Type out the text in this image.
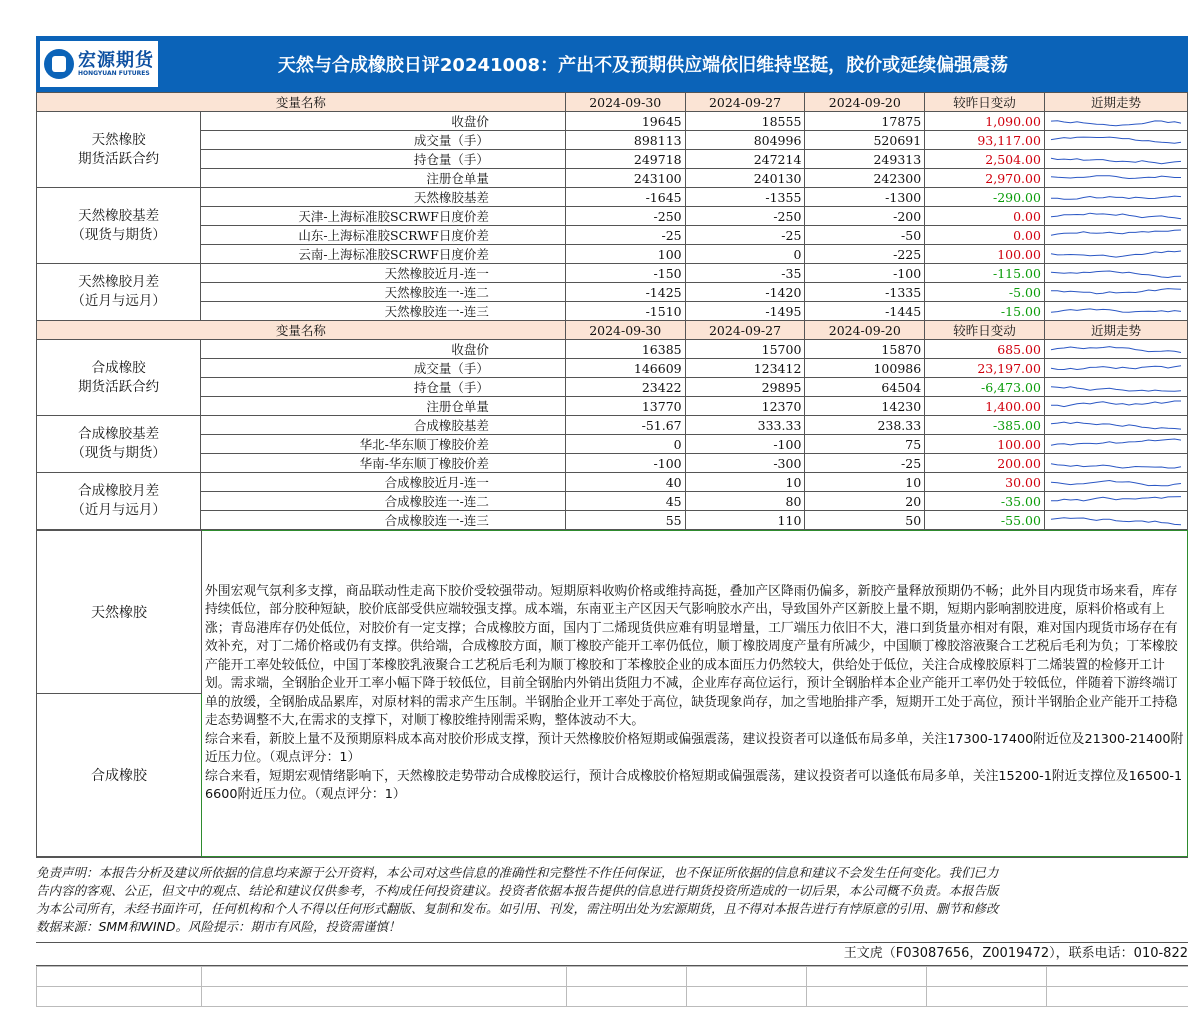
宏源期货
HONGYUAN FUTURES	天然与合成橡胶日评20241008：产出不及预期供应端依旧维持坚挺，胶价或延续偏强震荡
变量名称		2024-09-30	2024-09-27	2024-09-20	较昨日变动	近期走势

天然橡胶
期货活跃合约	收盘价	19645	18555	17875	1,090.00	

	成交量（手）	898113	804996	520691	93,117.00	

	持仓量（手）	249718	247214	249313	2,504.00	

	注册仓单量	243100	240130	242300	2,970.00	

天然橡胶基差
（现货与期货）	天然橡胶基差	-1645	-1355	-1300	-290.00	

	天津-上海标准胶SCRWF日度价差	-250	-250	-200	0.00	

	山东-上海标准胶SCRWF日度价差	-25	-25	-50	0.00	

	云南-上海标准胶SCRWF日度价差	100	0	-225	100.00	

天然橡胶月差
（近月与远月）	天然橡胶近月-连一	-150	-35	-100	-115.00	

	天然橡胶连一-连二	-1425	-1420	-1335	-5.00	

	天然橡胶连一-连三	-1510	-1495	-1445	-15.00	

变量名称		2024-09-30	2024-09-27	2024-09-20	较昨日变动	近期走势

合成橡胶
期货活跃合约	收盘价	16385	15700	15870	685.00	

	成交量（手）	146609	123412	100986	23,197.00	

	持仓量（手）	23422	29895	64504	-6,473.00	

	注册仓单量	13770	12370	14230	1,400.00	

合成橡胶基差
（现货与期货）	合成橡胶基差	-51.67	333.33	238.33	-385.00	

	华北-华东顺丁橡胶价差	0	-100	75	100.00	

	华南-华东顺丁橡胶价差	-100	-300	-25	200.00	

合成橡胶月差
（近月与远月）	合成橡胶近月-连一	40	10	10	30.00	

	合成橡胶连一-连二	45	80	20	-35.00	

	合成橡胶连一-连三	55	110	50	-55.00	
天然橡胶	

外围宏观气氛利多支撑，商品联动性走高下胶价受较强带动。短期原料收购价格或维持高挺，叠加产区降雨仍偏多，新胶产量释放预期仍不畅；此外目内现货市场来看，库存持续低位，部分胶种短缺，胶价底部受供应端较强支撑。成本端，东南亚主产区因天气影响胶水产出，导致国外产区新胶上量不期，短期内影响割胶进度，原料价格或有上涨；青岛港库存仍处低位，对胶价有一定支撑；合成橡胶方面，国内丁二烯现货供应难有明显增量，工厂端压力依旧不大，港口到货量亦相对有限，难对国内现货市场存在有效补充，对丁二烯价格或仍有支撑。供给端，合成橡胶方面，顺丁橡胶产能开工率仍低位，顺丁橡胶周度产量有所减少，中国顺丁橡胶溶液聚合工艺税后毛利为负；丁苯橡胶产能开工率处较低位，中国丁苯橡胶乳液聚合工艺税后毛利为顺丁橡胶和丁苯橡胶企业的成本面压力仍然较大，供给处于低位，关注合成橡胶原料丁二烯装置的检修开工计划。需求端，全钢胎企业开工率小幅下降于较低位，目前全钢胎内外销出货阻力不减，企业库存高位运行，预计全钢胎样本企业产能开工率仍处于较低位，伴随着下游终端订单的放缓，全钢胎成品累库，对原材料的需求产生压制。半钢胎企业开工率处于高位，缺货现象尚存，加之雪地胎排产季，短期开工处于高位，预计半钢胎企业产能开工持稳走态势调整不大,在需求的支撑下，对顺丁橡胶维持刚需采购，整体波动不大。

综合来看，新胶上量不及预期原料成本高对胶价形成支撑，预计天然橡胶价格短期或偏强震荡，建议投资者可以逢低布局多单，关注17300-17400附近位及21300-21400附近压力位。（观点评分：1）

综合来看，短期宏观情绪影响下，天然橡胶走势带动合成橡胶运行，预计合成橡胶价格短期或偏强震荡，建议投资者可以逢低布局多单，关注15200-1附近支撑位及16500-16600附近压力位。（观点评分：1）

合成橡胶
免责声明：本报告分析及建议所依据的信息均来源于公开资料，本公司对这些信息的准确性和完整性不作任何保证，也不保证所依据的信息和建议不会发生任何变化。我们已力
告内容的客观、公正，但文中的观点、结论和建议仅供参考，不构成任何投资建议。投资者依据本报告提供的信息进行期货投资所造成的一切后果，本公司概不负责。本报告版
为本公司所有，未经书面许可，任何机构和个人不得以任何形式翻版、复制和发布。如引用、刊发，需注明出处为宏源期货，且不得对本报告进行有悖原意的引用、删节和修改
数据来源：SMM和WIND。风险提示：期市有风险，投资需谨慎！
王文虎（F03087656，Z0019472），联系电话：010-822
